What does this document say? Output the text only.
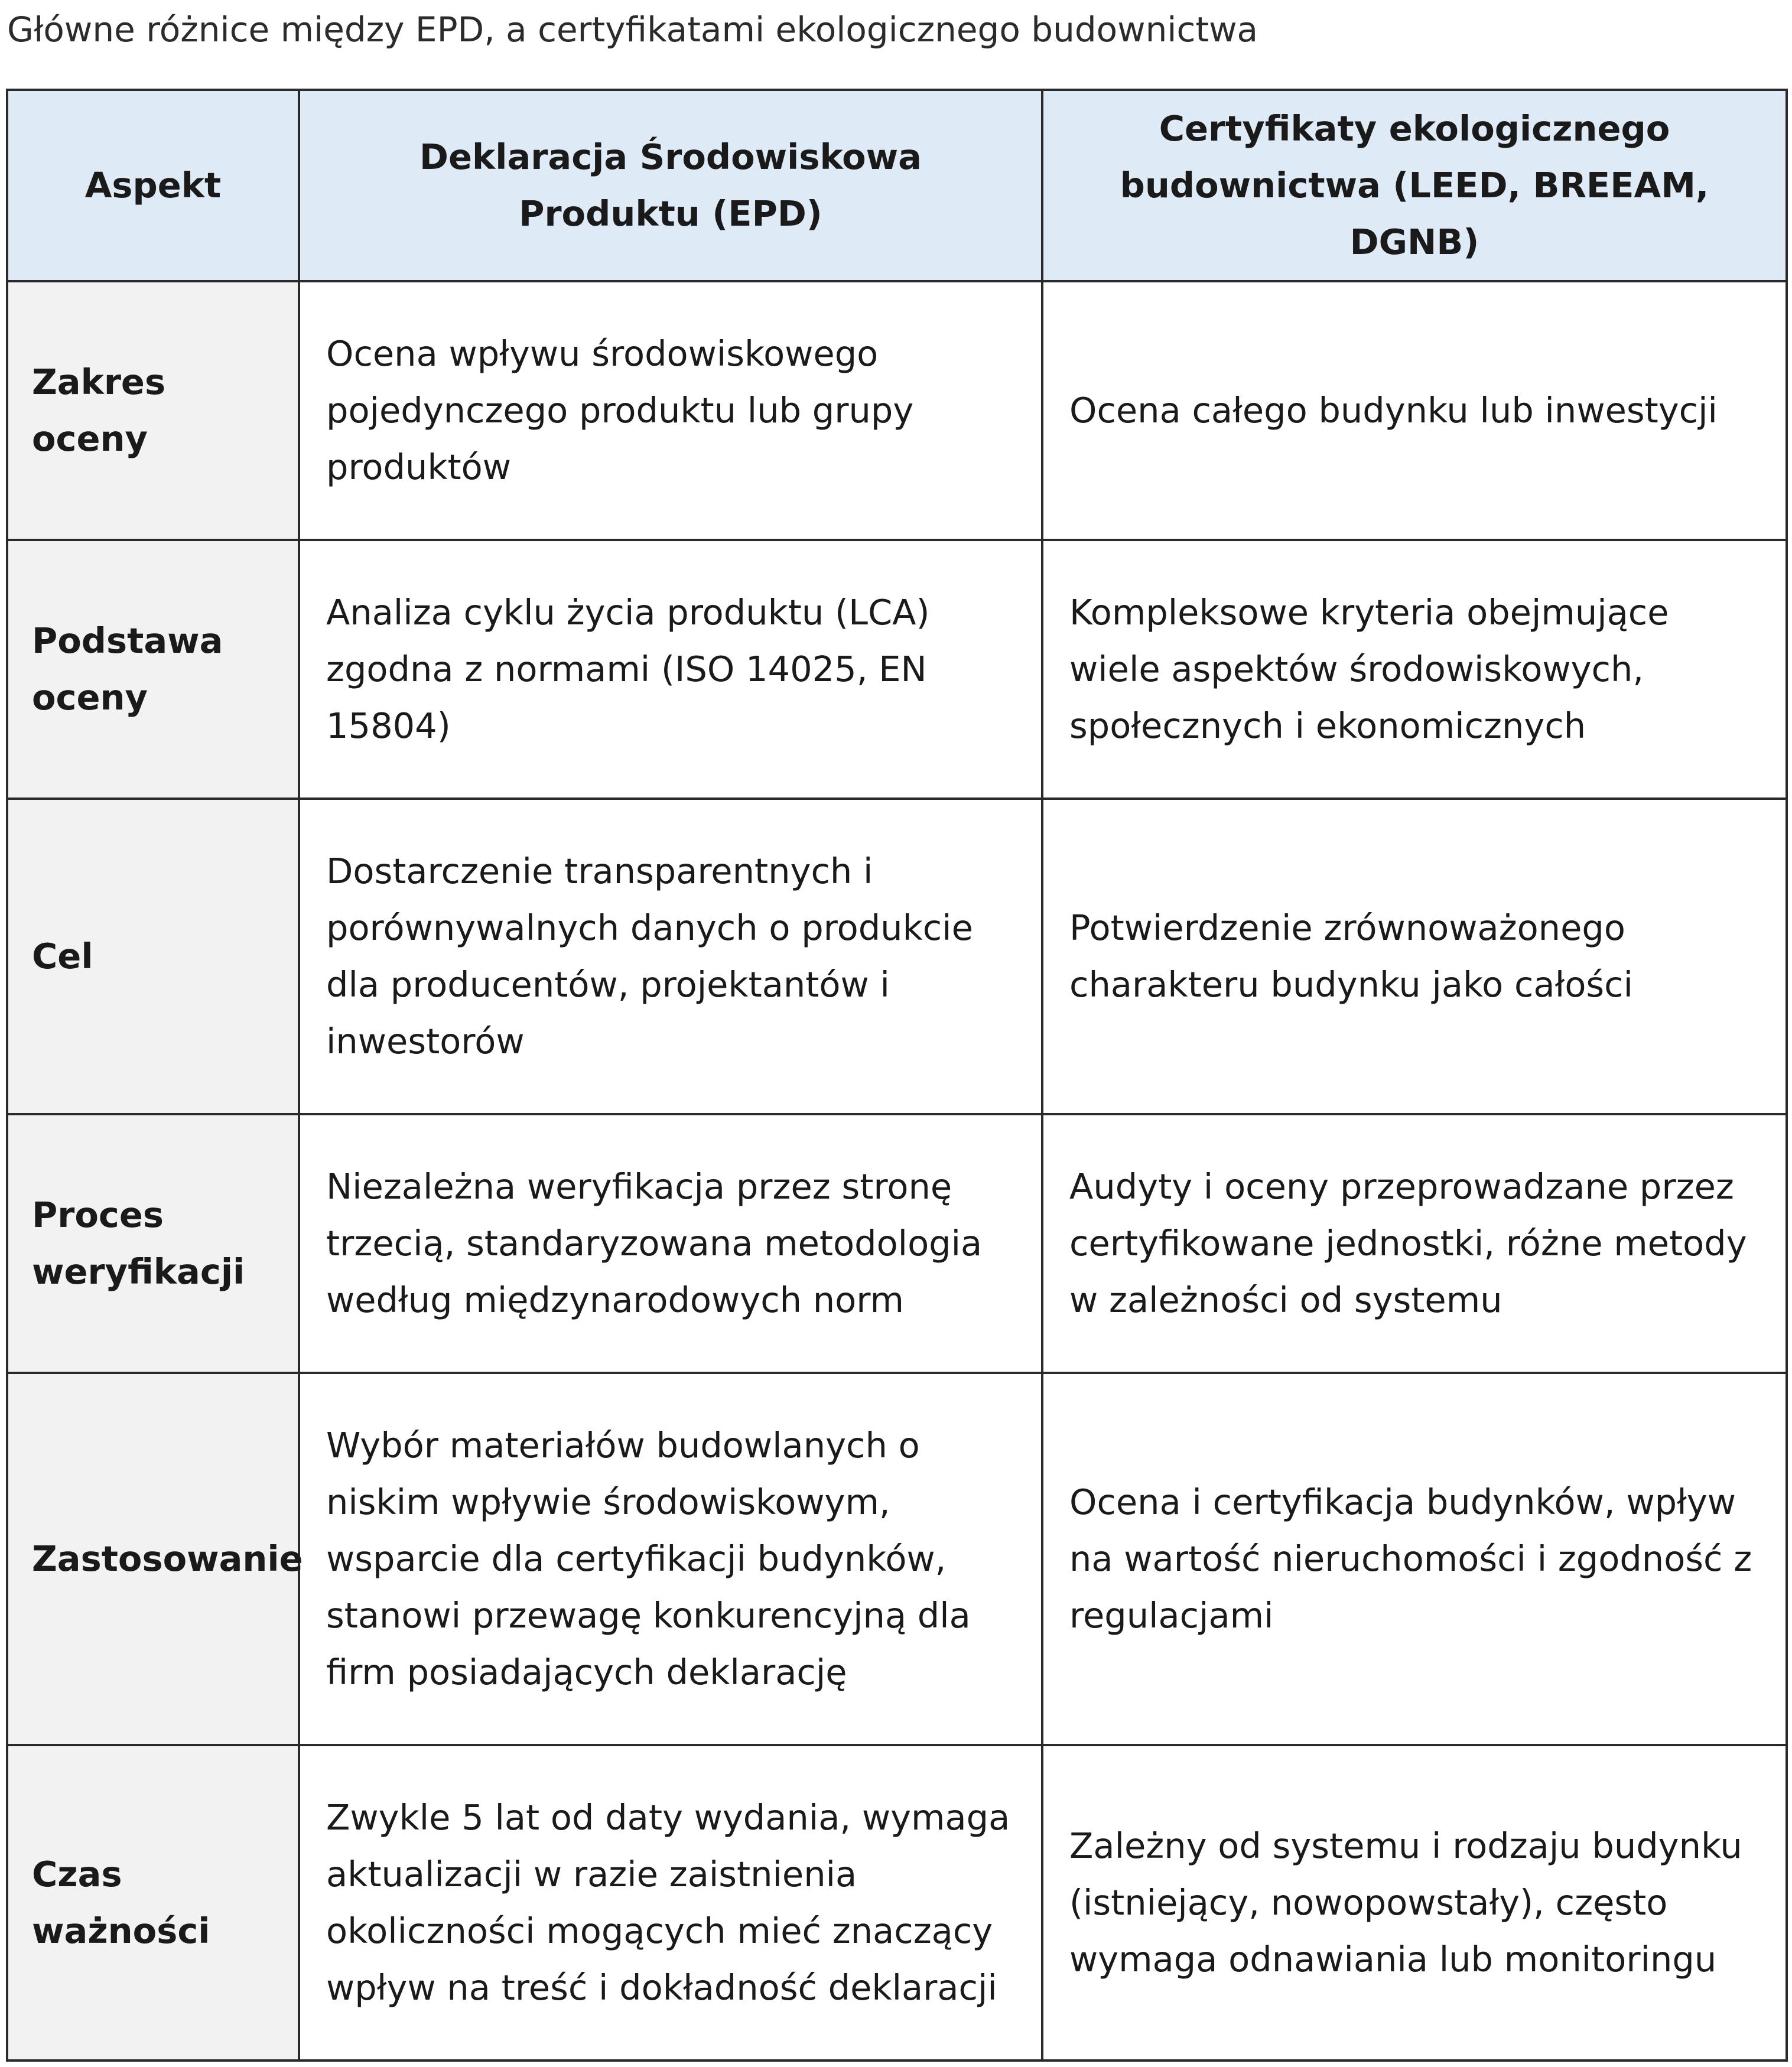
Główne różnice między EPD, a certyfikatami ekologicznego budownictwa
Aspekt	Deklaracja Środowiskowa Produktu (EPD)	Certyfikaty ekologicznego budownictwa (LEED, BREEAM, DGNB)
Zakres oceny	Ocena wpływu środowiskowego pojedynczego produktu lub grupy produktów	Ocena całego budynku lub inwestycji
Podstawa oceny	Analiza cyklu życia produktu (LCA) zgodna z normami (ISO 14025, EN 15804)	Kompleksowe kryteria obejmujące wiele aspektów środowiskowych, społecznych i ekonomicznych
Cel	Dostarczenie transparentnych i porównywalnych danych o produkcie dla producentów, projektantów i inwestorów	Potwierdzenie zrównoważonego charakteru budynku jako całości
Proces weryfikacji	Niezależna weryfikacja przez stronę trzecią, standaryzowana metodologia według międzynarodowych norm	Audyty i oceny przeprowadzane przez certyfikowane jednostki, różne metody w zależności od systemu
Zastosowanie	Wybór materiałów budowlanych o niskim wpływie środowiskowym, wsparcie dla certyfikacji budynków, stanowi przewagę konkurencyjną dla firm posiadających deklarację	Ocena i certyfikacja budynków, wpływ na wartość nieruchomości i zgodność z regulacjami
Czas ważności	Zwykle 5 lat od daty wydania, wymaga aktualizacji w razie zaistnienia okoliczności mogących mieć znaczący wpływ na treść i dokładność deklaracji	Zależny od systemu i rodzaju budynku (istniejący, nowopowstały), często wymaga odnawiania lub monitoringu
